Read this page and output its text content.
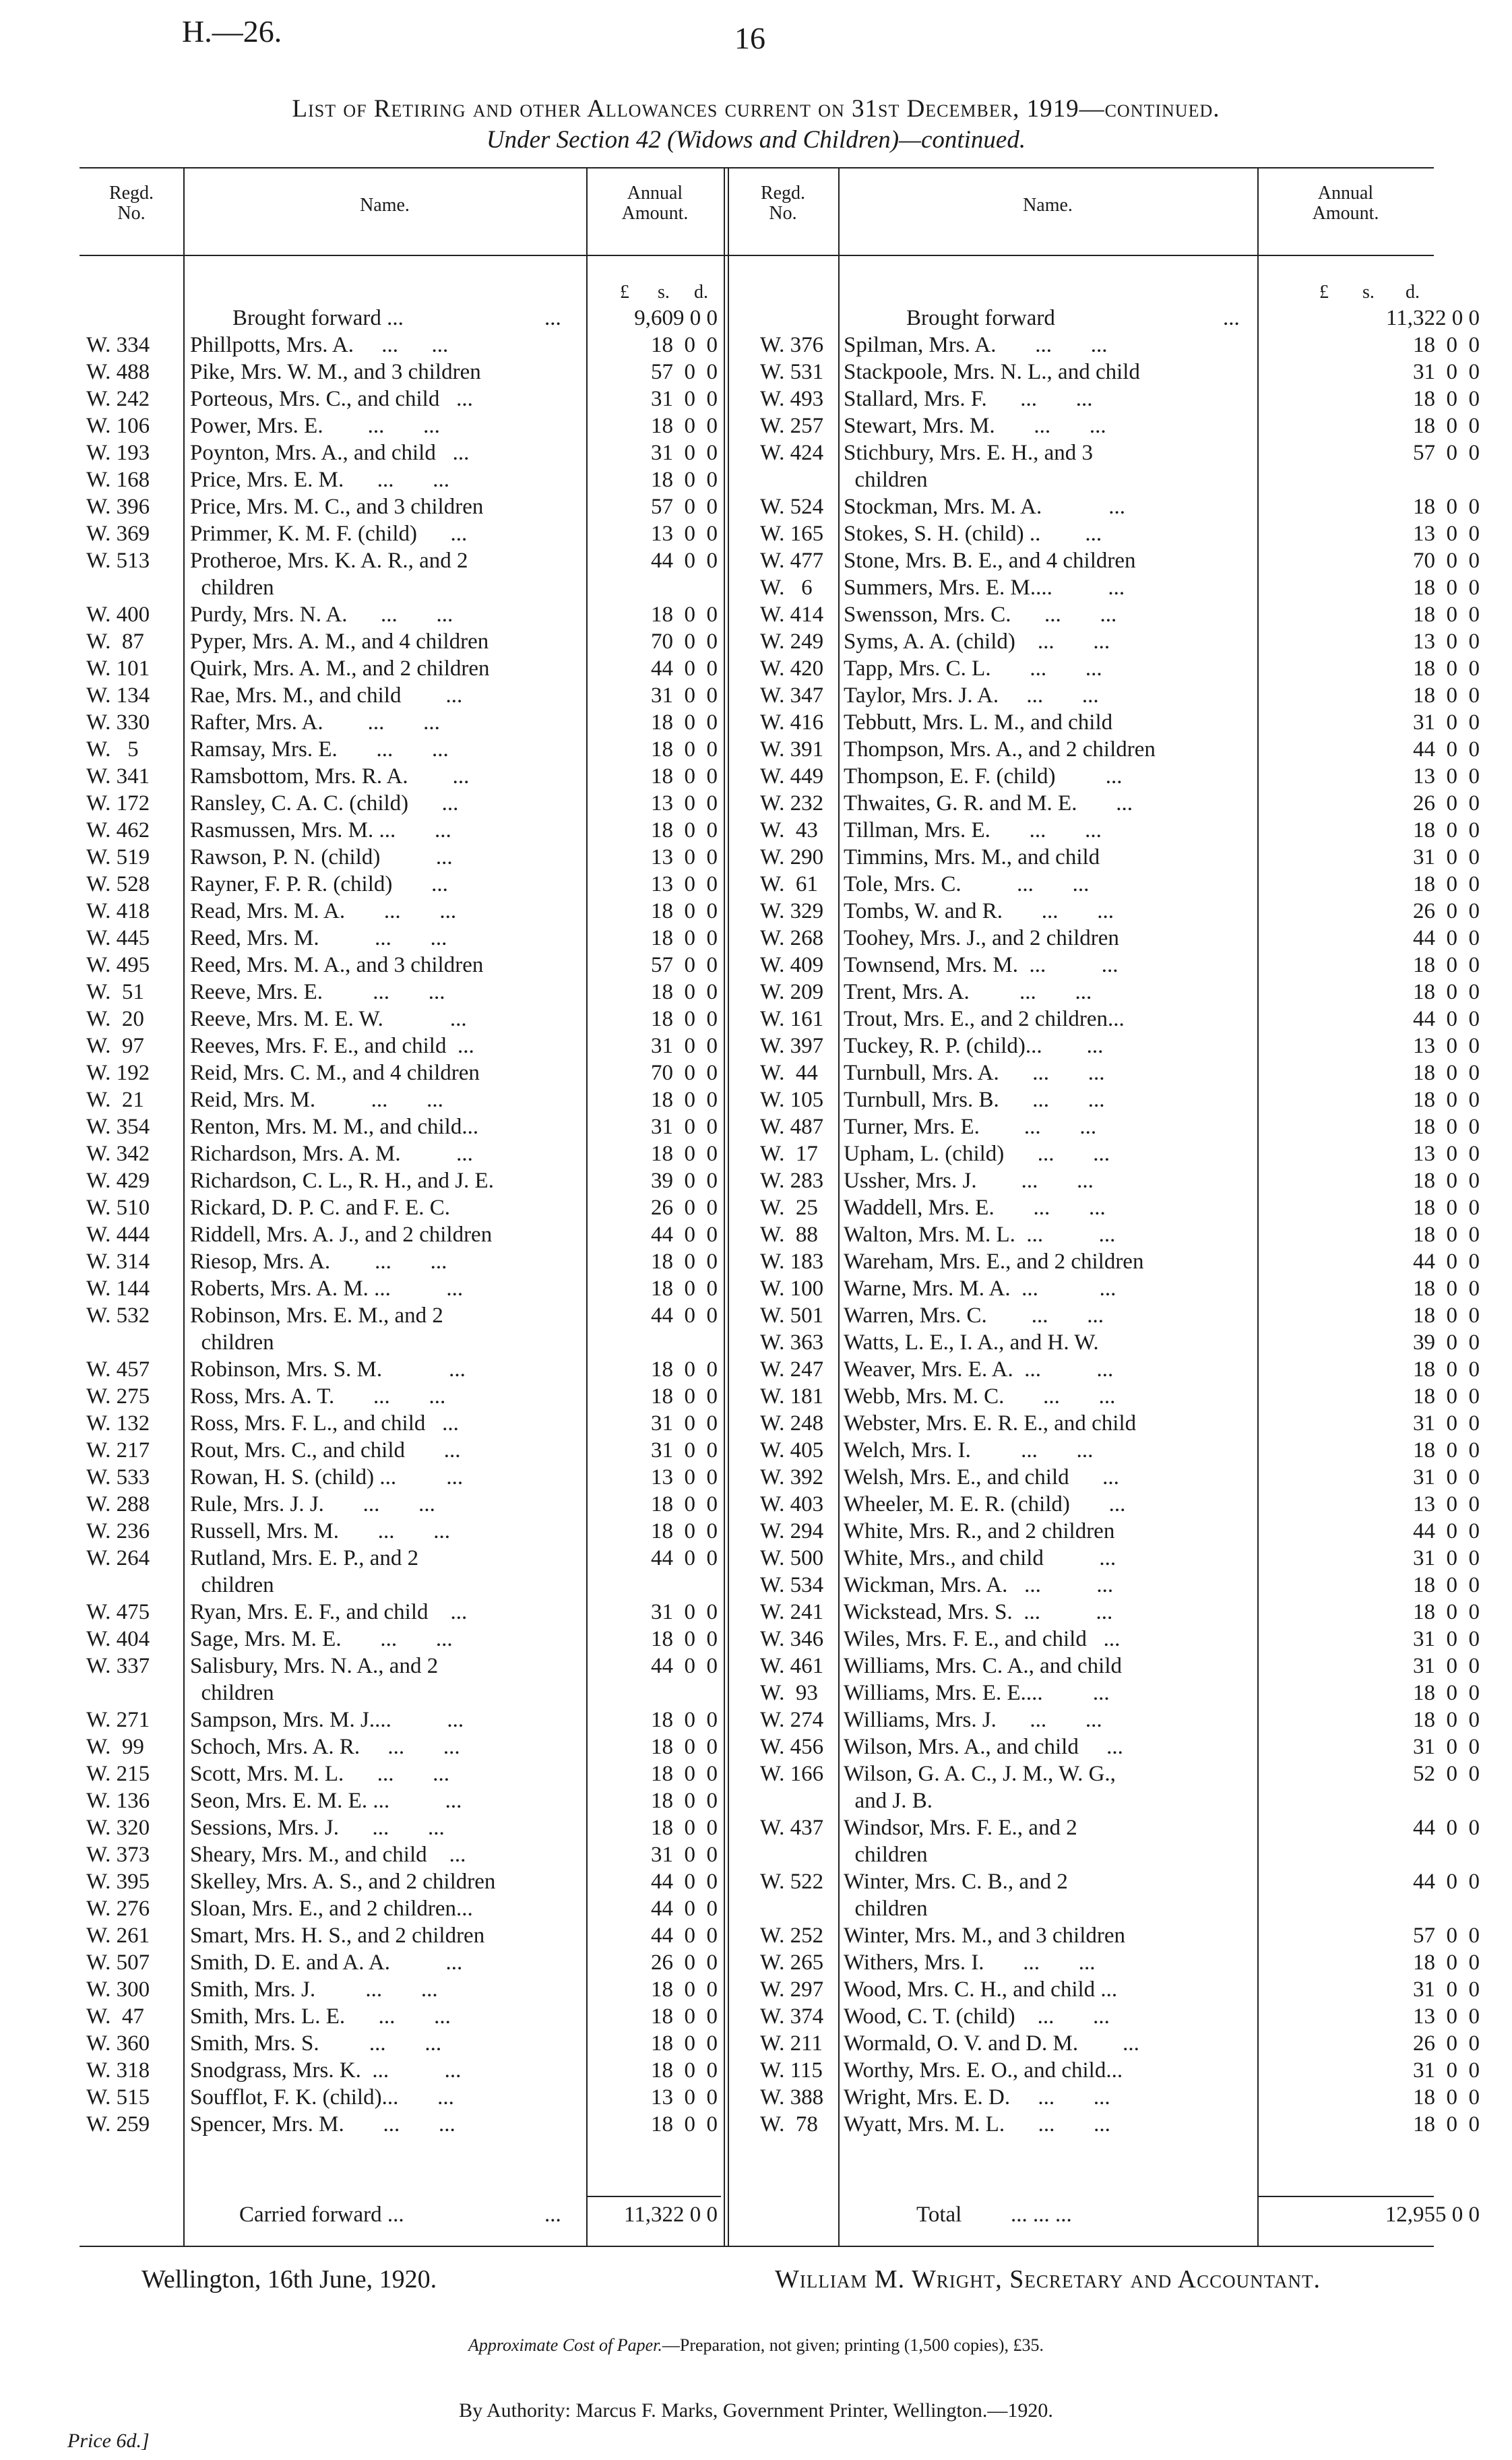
H.—26.	16
List of Retiring and other Allowances current on 31st December, 1919—continued.
Under Section 42 (Widows and Children)—continued.
Regd.
No.	Name.
Annual
Amount.
Regd.
No.	Name.
Annual
Amount.
£ s. d.	£ s. d.
Brought forward ...	...	9,609 0 0	Brought forward	...	11,322 0 0
W. 334	Phillpotts, Mrs. A.     ...      ...	18  0  0
W. 488	Pike, Mrs. W. M., and 3 children	57  0  0
W. 242	Porteous, Mrs. C., and child   ...	31  0  0
W. 106	Power, Mrs. E.        ...       ...	18  0  0
W. 193	Poynton, Mrs. A., and child   ...	31  0  0
W. 168	Price, Mrs. E. M.      ...       ...	18  0  0
W. 396	Price, Mrs. M. C., and 3 children	57  0  0
W. 369	Primmer, K. M. F. (child)      ...	13  0  0
W. 513	Protheroe, Mrs. K. A. R., and 2	44  0  0
children
W. 400	Purdy, Mrs. N. A.      ...       ...	18  0  0
W.  87	Pyper, Mrs. A. M., and 4 children	70  0  0
W. 101	Quirk, Mrs. A. M., and 2 children	44  0  0
W. 134	Rae, Mrs. M., and child        ...	31  0  0
W. 330	Rafter, Mrs. A.        ...       ...	18  0  0
W.   5	Ramsay, Mrs. E.       ...       ...	18  0  0
W. 341	Ramsbottom, Mrs. R. A.        ...	18  0  0
W. 172	Ransley, C. A. C. (child)      ...	13  0  0
W. 462	Rasmussen, Mrs. M. ...       ...	18  0  0
W. 519	Rawson, P. N. (child)          ...	13  0  0
W. 528	Rayner, F. P. R. (child)       ...	13  0  0
W. 418	Read, Mrs. M. A.       ...       ...	18  0  0
W. 445	Reed, Mrs. M.          ...       ...	18  0  0
W. 495	Reed, Mrs. M. A., and 3 children	57  0  0
W.  51	Reeve, Mrs. E.         ...       ...	18  0  0
W.  20	Reeve, Mrs. M. E. W.            ...	18  0  0
W.  97	Reeves, Mrs. F. E., and child  ...	31  0  0
W. 192	Reid, Mrs. C. M., and 4 children	70  0  0
W.  21	Reid, Mrs. M.          ...       ...	18  0  0
W. 354	Renton, Mrs. M. M., and child...	31  0  0
W. 342	Richardson, Mrs. A. M.          ...	18  0  0
W. 429	Richardson, C. L., R. H., and J. E.	39  0  0
W. 510	Rickard, D. P. C. and F. E. C.	26  0  0
W. 444	Riddell, Mrs. A. J., and 2 children	44  0  0
W. 314	Riesop, Mrs. A.        ...       ...	18  0  0
W. 144	Roberts, Mrs. A. M. ...          ...	18  0  0
W. 532	Robinson, Mrs. E. M., and 2	44  0  0
children
W. 457	Robinson, Mrs. S. M.            ...	18  0  0
W. 275	Ross, Mrs. A. T.       ...       ...	18  0  0
W. 132	Ross, Mrs. F. L., and child   ...	31  0  0
W. 217	Rout, Mrs. C., and child       ...	31  0  0
W. 533	Rowan, H. S. (child) ...         ...	13  0  0
W. 288	Rule, Mrs. J. J.       ...       ...	18  0  0
W. 236	Russell, Mrs. M.       ...       ...	18  0  0
W. 264	Rutland, Mrs. E. P., and 2	44  0  0
children
W. 475	Ryan, Mrs. E. F., and child    ...	31  0  0
W. 404	Sage, Mrs. M. E.       ...       ...	18  0  0
W. 337	Salisbury, Mrs. N. A., and 2	44  0  0
children
W. 271	Sampson, Mrs. M. J....          ...	18  0  0
W.  99	Schoch, Mrs. A. R.     ...       ...	18  0  0
W. 215	Scott, Mrs. M. L.      ...       ...	18  0  0
W. 136	Seon, Mrs. E. M. E. ...          ...	18  0  0
W. 320	Sessions, Mrs. J.      ...       ...	18  0  0
W. 373	Sheary, Mrs. M., and child    ...	31  0  0
W. 395	Skelley, Mrs. A. S., and 2 children	44  0  0
W. 276	Sloan, Mrs. E., and 2 children...	44  0  0
W. 261	Smart, Mrs. H. S., and 2 children	44  0  0
W. 507	Smith, D. E. and A. A.          ...	26  0  0
W. 300	Smith, Mrs. J.         ...       ...	18  0  0
W.  47	Smith, Mrs. L. E.      ...       ...	18  0  0
W. 360	Smith, Mrs. S.         ...       ...	18  0  0
W. 318	Snodgrass, Mrs. K.  ...          ...	18  0  0
W. 515	Soufflot, F. K. (child)...       ...	13  0  0
W. 259	Spencer, Mrs. M.       ...       ...	18  0  0
W. 376 Spilman, Mrs. A.       ...       ...	18  0  0
W. 531 Stackpoole, Mrs. N. L., and child	31  0  0
W. 493 Stallard, Mrs. F.      ...       ...	18  0  0
W. 257 Stewart, Mrs. M.       ...       ...	18  0  0
W. 424 Stichbury, Mrs. E. H., and 3	57  0  0
children
W. 524 Stockman, Mrs. M. A.            ...	18  0  0
W. 165 Stokes, S. H. (child) ..        ...	13  0  0
W. 477 Stone, Mrs. B. E., and 4 children	70  0  0
W.   6	Summers, Mrs. E. M....          ...	18  0  0
W. 414 Swensson, Mrs. C.      ...       ...	18  0  0
W. 249 Syms, A. A. (child)    ...       ...	13  0  0
W. 420 Tapp, Mrs. C. L.       ...       ...	18  0  0
W. 347 Taylor, Mrs. J. A.     ...       ...	18  0  0
W. 416 Tebbutt, Mrs. L. M., and child	31  0  0
W. 391 Thompson, Mrs. A., and 2 children	44  0  0
W. 449 Thompson, E. F. (child)         ...	13  0  0
W. 232 Thwaites, G. R. and M. E.       ...	26  0  0
W.  43	Tillman, Mrs. E.       ...       ...	18  0  0
W. 290 Timmins, Mrs. M., and child	31  0  0
W.  61	Tole, Mrs. C.          ...       ...	18  0  0
W. 329 Tombs, W. and R.       ...       ...	26  0  0
W. 268 Toohey, Mrs. J., and 2 children	44  0  0
W. 409 Townsend, Mrs. M.  ...          ...	18  0  0
W. 209 Trent, Mrs. A.         ...       ...	18  0  0
W. 161 Trout, Mrs. E., and 2 children...	44  0  0
W. 397 Tuckey, R. P. (child)...        ...	13  0  0
W.  44	Turnbull, Mrs. A.      ...       ...	18  0  0
W. 105 Turnbull, Mrs. B.      ...       ...	18  0  0
W. 487 Turner, Mrs. E.        ...       ...	18  0  0
W.  17	Upham, L. (child)      ...       ...	13  0  0
W. 283 Ussher, Mrs. J.        ...       ...	18  0  0
W.  25	Waddell, Mrs. E.       ...       ...	18  0  0
W.  88	Walton, Mrs. M. L.  ...          ...	18  0  0
W. 183 Wareham, Mrs. E., and 2 children	44  0  0
W. 100 Warne, Mrs. M. A.  ...           ...	18  0  0
W. 501 Warren, Mrs. C.        ...       ...	18  0  0
W. 363 Watts, L. E., I. A., and H. W.	39  0  0
W. 247 Weaver, Mrs. E. A.  ...          ...	18  0  0
W. 181 Webb, Mrs. M. C.       ...       ...	18  0  0
W. 248 Webster, Mrs. E. R. E., and child	31  0  0
W. 405 Welch, Mrs. I.         ...       ...	18  0  0
W. 392 Welsh, Mrs. E., and child      ...	31  0  0
W. 403 Wheeler, M. E. R. (child)       ...	13  0  0
W. 294 White, Mrs. R., and 2 children	44  0  0
W. 500 White, Mrs., and child          ...	31  0  0
W. 534 Wickman, Mrs. A.   ...          ...	18  0  0
W. 241 Wickstead, Mrs. S.  ...          ...	18  0  0
W. 346 Wiles, Mrs. F. E., and child   ...	31  0  0
W. 461 Williams, Mrs. C. A., and child	31  0  0
W.  93	Williams, Mrs. E. E....         ...	18  0  0
W. 274 Williams, Mrs. J.      ...       ...	18  0  0
W. 456 Wilson, Mrs. A., and child     ...	31  0  0
W. 166 Wilson, G. A. C., J. M., W. G.,	52  0  0
and J. B.
W. 437 Windsor, Mrs. F. E., and 2	44  0  0
children
W. 522 Winter, Mrs. C. B., and 2	44  0  0
children
W. 252 Winter, Mrs. M., and 3 children	57  0  0
W. 265 Withers, Mrs. I.       ...       ...	18  0  0
W. 297 Wood, Mrs. C. H., and child ...	31  0  0
W. 374 Wood, C. T. (child)    ...       ...	13  0  0
W. 211 Wormald, O. V. and D. M.        ...	26  0  0
W. 115 Worthy, Mrs. E. O., and child...	31  0  0
W. 388 Wright, Mrs. E. D.     ...       ...	18  0  0
W.  78	Wyatt, Mrs. M. L.      ...       ...	18  0  0
Carried forward ...	...	11,322 0 0	Total ... ... ...	12,955 0 0
Wellington, 16th June, 1920.	William M. Wright, Secretary and Accountant.
Approximate Cost of Paper.—Preparation, not given; printing (1,500 copies), £35.
By Authority: Marcus F. Marks, Government Printer, Wellington.—1920.
Price 6d.]
